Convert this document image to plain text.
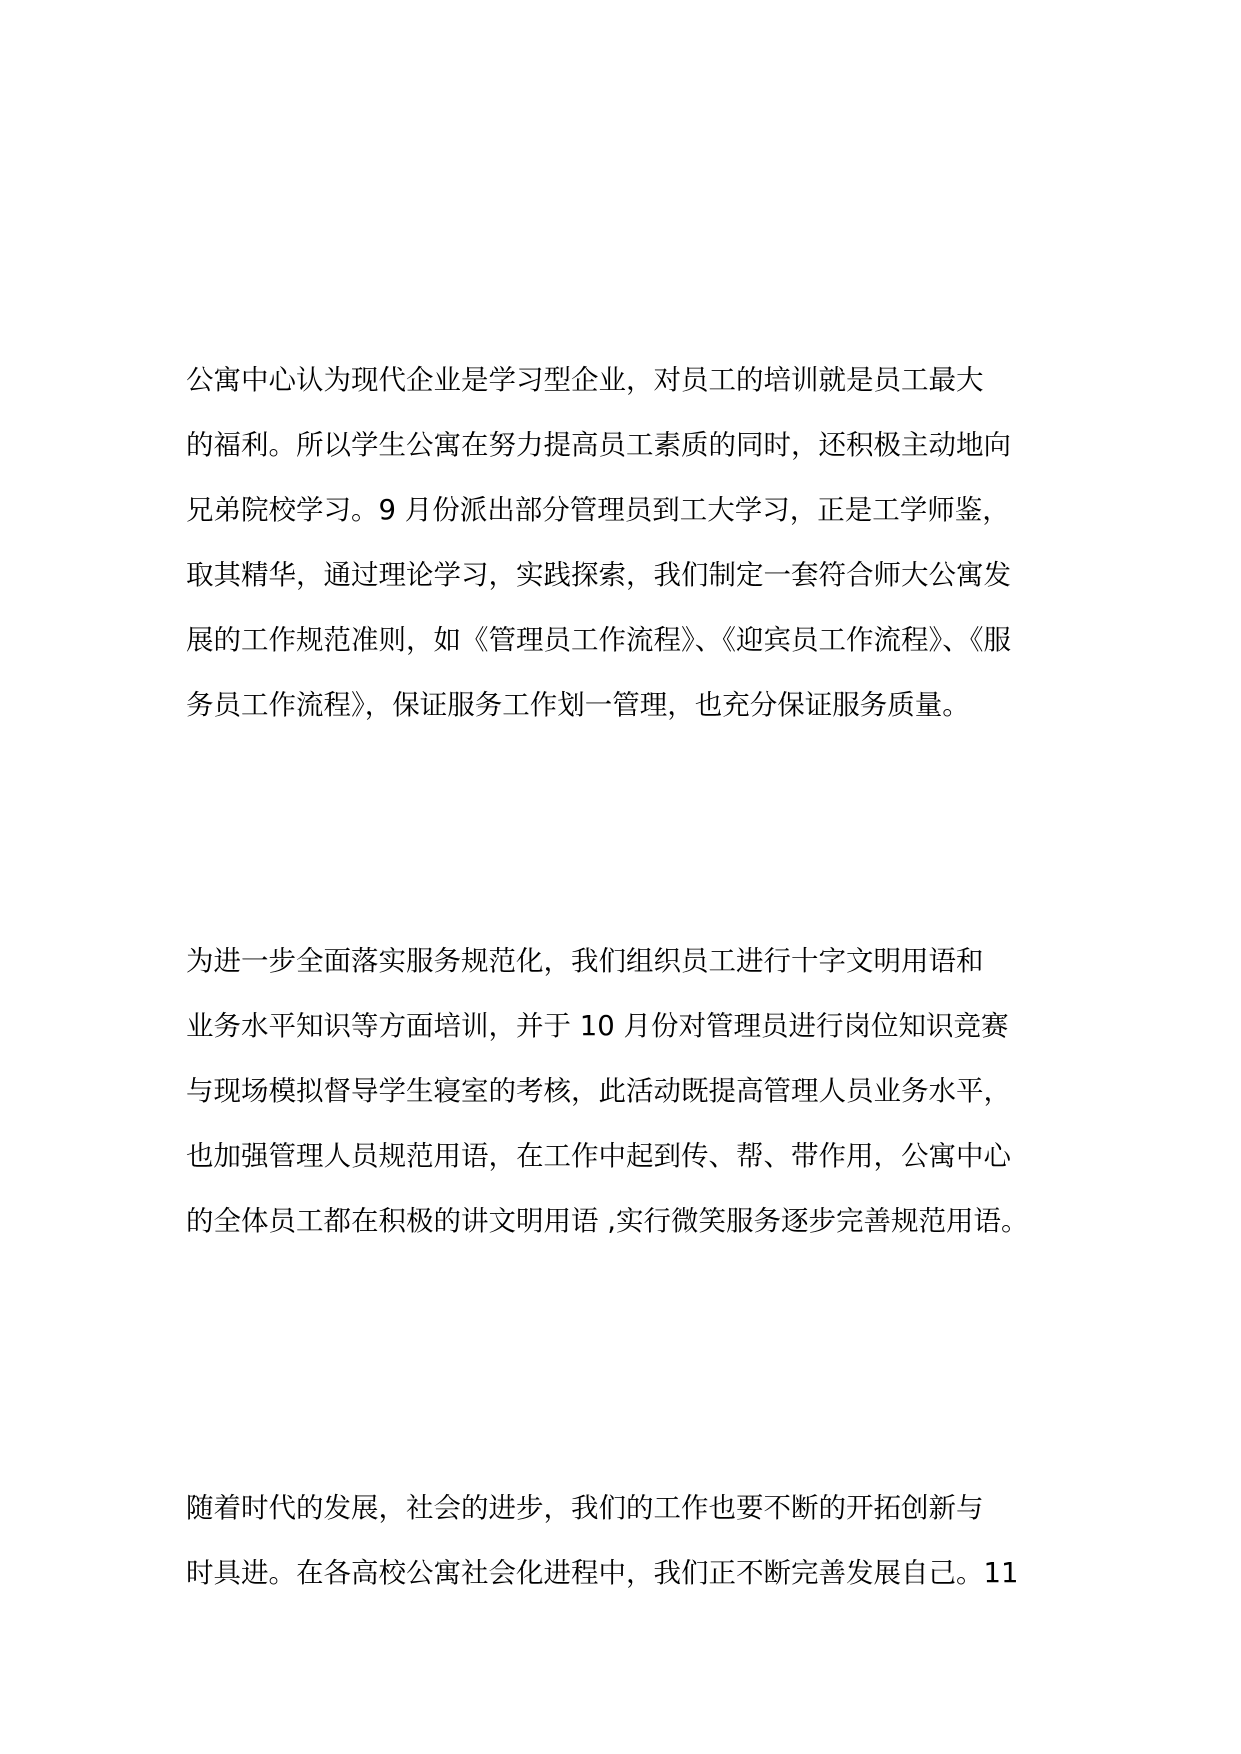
公寓中心认为现代企业是学习型企业，对员工的培训就是员工最大
的福利。所以学生公寓在努力提高员工素质的同时，还积极主动地向
兄弟院校学习。9 月份派出部分管理员到工大学习，正是工学师鉴，
取其精华，通过理论学习，实践探索，我们制定一套符合师大公寓发
展的工作规范准则，如《管理员工作流程》、《迎宾员工作流程》、《服
务员工作流程》，保证服务工作划一管理，也充分保证服务质量。
为进一步全面落实服务规范化，我们组织员工进行十字文明用语和
业务水平知识等方面培训，并于 10 月份对管理员进行岗位知识竞赛
与现场模拟督导学生寝室的考核，此活动既提高管理人员业务水平，
也加强管理人员规范用语，在工作中起到传、帮、带作用，公寓中心
的全体员工都在积极的讲文明用语 ,实行微笑服务逐步完善规范用语。
随着时代的发展，社会的进步，我们的工作也要不断的开拓创新与
时具进。在各高校公寓社会化进程中，我们正不断完善发展自己。11
